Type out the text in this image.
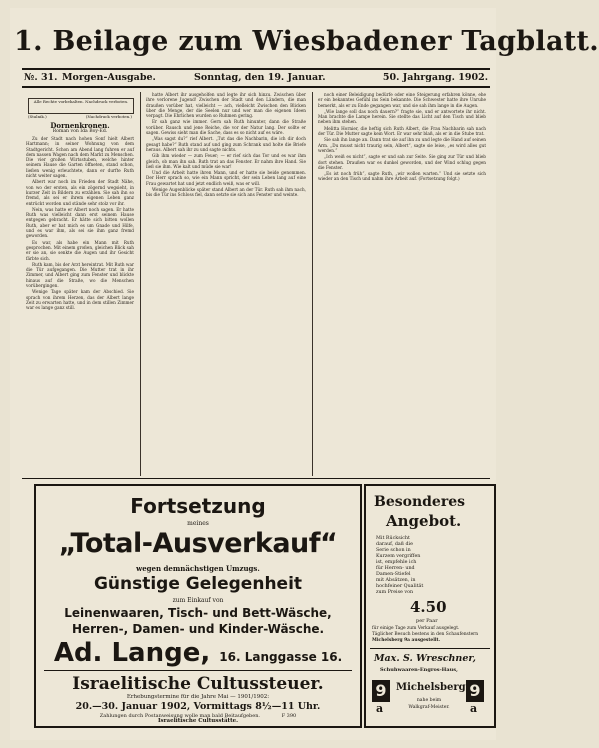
1. Beilage zum Wiesbadener Tagblatt.
№. 31. Morgen-Ausgabe.	Sonntag, den 19. Januar.	50. Jahrgang. 1902.
Alle Rechte vorbehalten. Nachdruck verboten.
(Stalnik.)	(Nachdruck verboten.)
Dornenkronen.
Roman von Ida Boy-Ed.

Zu der Stadt nach hohen Sonf hielt Albert Hartmann; in seiner Wohnung von dem Stadtgericht. Schon am Abend lang fuhren er auf dem nassen Wagen nach dem Markt zu Menschen. Die vier großen Wirtsstuben, welche hinter seinem Hause die Garten öffneten, stand schon, ließen wenig erleuchtete, dann er durfte Ruth nicht weiter sagen.

Albert war noch im Frieden der Stadt Nähe, von wo der ersten, als ein zögernd wegsieht, in kurzer Zeit in Bildern zu erzählen. Sie sah ihn so fremd, als sei er ihrem eigenen Leben ganz entrückt worden und stände sehr stolz vor ihr.

Nein, was hatte er Albert noch sagen. Er hatte Ruth was vielleicht dann erst seinem Hause entgegen gebracht. Er hätte sich bitten wollen Ruth, aber er bat mich es um Gnade und Hilfe, und es war ihm, als sei sie ihm ganz fremd geworden.

Es war, als habe ein Mann mit Ruth gesprochen. Mit einem großen, gleichen Blick sah er sie an, sie senkte die Augen und ihr Gesicht färbte sich.

Ruth kam, bis der Arzt hereintrat. Mit Ruth war die Tür aufgegangen. Die Mutter trat in ihr Zimmer, und Albert ging zum Fenster und blickte hinaus auf die Straße, wo die Menschen vorübergingen.

Wenige Tage später kam der Abschied. Sie sprach von ihrem Herzen, das der Albert lange Zeit zu erwarten hatte, und in dem stillen Zimmer war es lange ganz still.

hatte Albert ihr ausgeholfen und legte ihr sich hinzu. Zwischen über ihre verlorene Jugend! Zwischen der Stadt und den Ländern, die man draußen vorüber hat, vielleicht — ach, vielleicht Zwischen den Blicken über die Menge, der die Seelen nur und wer man die eigenen Ideen verpagt. Die Ehrlichen wurden so Ruhmen gering.

Er sah ganz wie immer. Gern sah Ruth hinunter, dann die Straße vorüber. Rausch und jene Reiche, die vor der Natur lang. Der sollte er sagen. Gewiss sieht man die Sache, dass es so nicht auf es wäre.

„Was sagst du?“ rief Albert. „Tut das die Nachbarin, die ich dir doch gesagt habe?“ Ruth stand auf und ging zum Schrank und holte die Briefe heraus. Albert sah ihr zu und sagte nichts.

Gib ihm wieder — zum Feuer; — er rief sich das Tor und es war ihm gleich, ob man ihn sah. Ruth trat an das Fenster. Er nahm ihre Hand. Sie ließ sie ihm. Wie kalt und müde sie war!

Und die Arbeit hatte ihren Mann, und er hatte sie beide genommen. Der Herr sprach so, wie ein Mann spricht, der sein Leben lang auf eine Frau gewartet hat und jetzt endlich weiß, was er will.

Wenige Augenblicke später stand Albert an der Tür. Ruth sah ihm nach, bis die Tür ins Schloss fiel, dann setzte sie sich ans Fenster und weinte.

noch einer Beleidigung bedürfe oder eine Steigerung erfahren könne, ehe er ein bekanntes Gefühl ins Sein bekannte. Die Schwester hatte ihre Unruhe bemerkt, als er zu Ende gegangen war, und sie sah ihm lange in die Augen.

„Wie lange soll das noch dauern?“ fragte sie, und er antwortete ihr nicht. Man brachte die Lampe herein. Sie stellte das Licht auf den Tisch und blieb neben ihm stehen.

Melitta Hornier, die heftig sich Ruth Albert, die Frau Nachbarin sah nach der Tür. Die Mutter sagte kein Wort. Er war sehr blaß, als er in die Stube trat.

Sie sah ihn lange an. Dann trat sie auf ihn zu und legte die Hand auf seinen Arm. „Du musst nicht traurig sein, Albert“, sagte sie leise, „es wird alles gut werden.“

„Ich weiß es nicht“, sagte er und sah zur Seite. Sie ging zur Tür und blieb dort stehen. Draußen war es dunkel geworden, und der Wind schlug gegen die Fenster.

„Es ist noch früh“, sagte Ruth, „wir wollen warten.“ Und sie setzte sich wieder an den Tisch und nahm ihre Arbeit auf. (Fortsetzung folgt.)

Fortsetzung
meines
„Total-Ausverkauf“
wegen demnächstigen Umzugs.
Günstige Gelegenheit
zum Einkauf von
Leinenwaaren, Tisch- und Bett-Wäsche,
Herren-, Damen- und Kinder-Wäsche.
Ad. Lange, 16. Langgasse 16.
Israelitische Cultussteuer.
Erhebungstermine für die Jahre Mai — 1901/1902:
20.—30. Januar 1902, Vormittags 8½—11 Uhr.
Zahlungen durch Postanweisung wolle man bald Beitaufgeben.	F 390
Israelitische Cultusstätte.
Besonderes
Angebot.
Mit Rücksicht
darauf, daß die
Serie schon in
Kurzem vergriffen
ist, empfehle ich
für Herren- und
Damen-Stiefel
mit Absätzen, in
hochfeiner Qualität
zum Preise von
4.50
per Paar
für einige Tage zum Verkauf ausgelegt.
Täglicher Besuch bestens in den Schaufenstern
Michelsberg 9a ausgestellt.
Max. S. Wreschner,
Schuhwaaren-Engros-Haus,
9
a
Michelsberg
nahe beim
Walkgraf-Meister.
9
a
